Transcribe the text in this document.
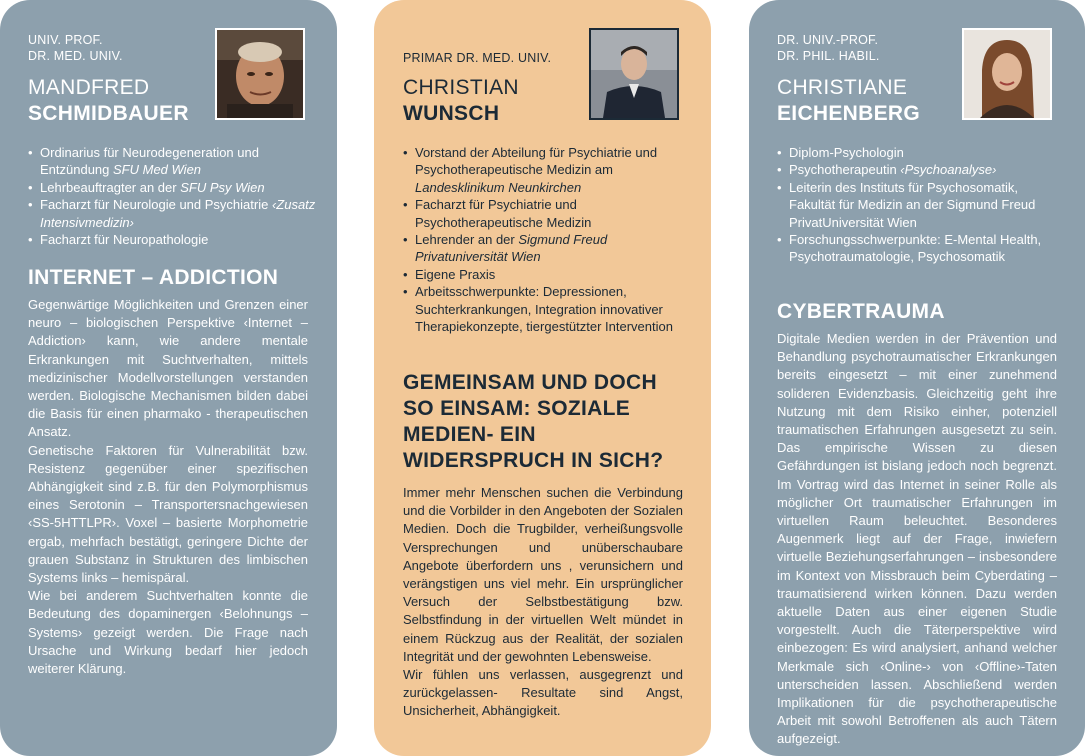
UNIV. PROF.
DR. MED. UNIV.
MANDFRED
SCHMIDBAUER
• Ordinarius für Neurodegeneration und Entzündung SFU Med Wien
• Lehrbeauftragter an der SFU Psy Wien
• Facharzt für Neurologie und Psychiatrie ‹Zusatz Intensivmedizin›
• Facharzt für Neuropathologie
INTERNET – ADDICTION

Gegenwärtige Möglichkeiten und Grenzen einer neuro – biologischen Perspektive ‹Internet – Addiction› kann, wie andere mentale Erkrankungen mit Suchtverhalten, mittels medizinischer Modellvorstellungen verstanden werden. Biologische Mechanismen bilden dabei die Basis für einen pharmako - therapeutischen Ansatz.

Genetische Faktoren für Vulnerabilität bzw. Resistenz gegenüber einer spezifischen Abhängigkeit sind z.B. für den Polymorphismus eines Serotonin – Transportersnachgewiesen ‹SS-5HTTLPR›. Voxel – basierte Morphometrie ergab, mehrfach bestätigt, geringere Dichte der grauen Substanz in Strukturen des limbischen Systems links – hemispäral.

Wie bei anderem Suchtverhalten konnte die Bedeutung des dopaminergen ‹Belohnungs – Systems› gezeigt werden. Die Frage nach Ursache und Wirkung bedarf hier jedoch weiterer Klärung.

PRIMAR DR. MED. UNIV.
CHRISTIAN
WUNSCH
• Vorstand der Abteilung für Psychiatrie und Psychotherapeutische Medizin am Landesklinikum Neunkirchen
• Facharzt für Psychiatrie und Psychotherapeutische Medizin
• Lehrender an der Sigmund Freud Privatuniversität Wien
• Eigene Praxis
• Arbeitsschwerpunkte: Depressionen, Suchterkrankungen, Integration innovativer Therapiekonzepte, tiergestützter Intervention
GEMEINSAM UND DOCH SO EINSAM: SOZIALE MEDIEN- EIN WIDERSPRUCH IN SICH?

Immer mehr Menschen suchen die Verbindung und die Vorbilder in den Angeboten der Sozialen Medien. Doch die Trugbilder, verheißungsvolle Versprechungen und unüberschaubare Angebote überfordern uns , verunsichern und verängstigen uns viel mehr. Ein ursprünglicher Versuch der Selbstbestätigung bzw. Selbstfindung in der virtuellen Welt mündet in einem Rückzug aus der Realität, der sozialen Integrität und der gewohnten Lebensweise.

Wir fühlen uns verlassen, ausgegrenzt und zurückgelassen- Resultate sind Angst, Unsicherheit, Abhängigkeit.

DR. UNIV.-PROF.
DR. PHIL. HABIL.
CHRISTIANE
EICHENBERG
• Diplom-Psychologin
• Psychotherapeutin ‹Psychoanalyse›
• Leiterin des Instituts für Psychosomatik, Fakultät für Medizin an der Sigmund Freud PrivatUniversität Wien
• Forschungsschwerpunkte: E-Mental Health, Psychotraumatologie, Psychosomatik
CYBERTRAUMA

Digitale Medien werden in der Prävention und Behandlung psychotraumatischer Erkrankungen bereits eingesetzt – mit einer zunehmend solideren Evidenzbasis. Gleichzeitig geht ihre Nutzung mit dem Risiko einher, potenziell traumatischen Erfahrungen ausgesetzt zu sein. Das empirische Wissen zu diesen Gefährdungen ist bislang jedoch noch begrenzt. Im Vortrag wird das Internet in seiner Rolle als möglicher Ort traumatischer Erfahrungen im virtuellen Raum beleuchtet. Besonderes Augenmerk liegt auf der Frage, inwiefern virtuelle Beziehungserfahrungen – insbesondere im Kontext von Missbrauch beim Cyberdating – traumatisierend wirken können. Dazu werden aktuelle Daten aus einer eigenen Studie vorgestellt. Auch die Täterperspektive wird einbezogen: Es wird analysiert, anhand welcher Merkmale sich ‹Online-› von ‹Offline›-Taten unterscheiden lassen. Abschließend werden Implikationen für die psychotherapeutische Arbeit mit sowohl Betroffenen als auch Tätern aufgezeigt.
